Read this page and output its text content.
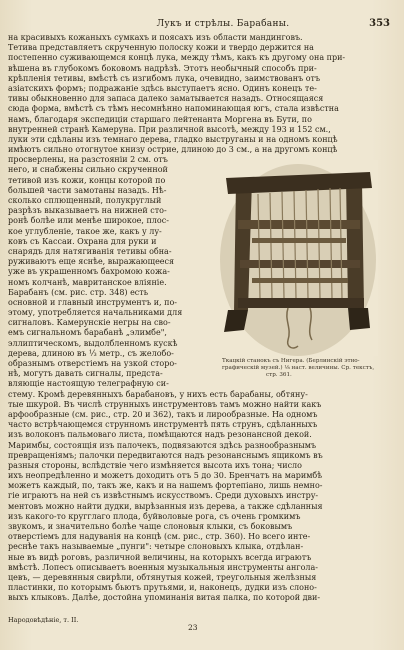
Лукъ и стрѣлы. Барабаны.	353
на красивыхъ кожаныхъ сумкахъ и поясахъ изъ области мандинговъ.
Тетива представляетъ скрученную полоску кожи и твердо держится на
постепенно суживающемся концѣ лука, между тѣмъ, какъ къ другому она при-
вѣшена въ глубокомъ боковомъ надрѣзѣ. Этотъ необычный способъ при-
крѣпленія тетивы, вмѣстѣ съ изгибомъ лука, очевидно, заимствованъ отъ
азіатскихъ формъ; подражаніе здѣсь выступаетъ ясно. Одинъ конецъ те-
тивы обыкновенно для запаса далеко заматывается назадъ. Относящаяся
сюда форма, вмѣстѣ съ тѣмъ несомнѣнно напоминающая югъ, стала извѣстна
намъ, благодаря экспедиціи старшаго лейтенанта Моргена въ Бути, по
внутренней странѣ Камеруна. При различной высотѣ, между 193 и 152 см.,
луки эти сдѣланы изъ темнаго дерева, гладко выструганы и на одномъ концѣ
имѣютъ сильно отогнутое книзу острие, длиною до 3 см., а на другомъ концѣ
просверлены, на разстояніи 2 см. отъ
него, и снабжены сильно скрученной
тетивой изъ кожи, концы которой по
большей части замотаны назадъ. Нѣ-
сколько сплющенный, полукруглый
разрѣзъ выказываетъ на нижней сто-
ронѣ болѣе или менѣе широкое, плос-
кое углубленіе, такое же, какъ у лу-
ковъ съ Кассаи. Охрана для руки и
снарядъ для натягиванія тетивы обна-
руживаютъ еще яснѣе, выражающееся
уже въ украшенномъ бахромою кожа-
номъ колчанѣ, мавританское вліяніе.
Барабанъ (см. рис. стр. 348) есть
основной и главный инструментъ и, по-
этому, употребляется начальниками для
сигналовъ. Камерунскіе негры на сво-
емъ сигнальномъ барабанѣ „элимбе",
эллиптическомъ, выдолбленномъ кускѣ
дерева, длиною въ ⅓ метр., съ желобо-
образнымъ отверстіемъ на узкой сторо-
нѣ, могутъ давать сигналы, предста-
вляющіе настоящую телеграфную си-
стему. Кромѣ деревянныхъ барабановъ, у нихъ есть барабаны, обтяну-
тые шкурой. Въ числѣ струнныхъ инструментовъ тамъ можно найти какъ
арфообразные (см. рис., стр. 20 и 362), такъ и лирообразные. На одномъ
часто встрѣчающемся струнномъ инструментѣ пять струнъ, сдѣланныхъ
изъ волоконъ пальмоваго листа, помѣщаются надъ резонансной декой.
Маримбы, состоящія изъ палочекъ, подвязаются здѣсь разнообразнымъ
превращеніямъ; палочки передвигаются надъ резонанснымъ ящикомъ въ
разныя стороны, вслѣдствіе чего измѣняется высота ихъ тона; число
ихъ неопредѣленно и можетъ доходить отъ 5 до 30. Бренчатъ на маримбѣ
можетъ каждый, по, такъ же, какъ и на нашемъ фортепіано, лишь немно-
гіе играютъ на ней съ извѣстнымъ искусствомъ. Среди духовыхъ инстру-
ментовъ можно найти дудки, вырѣзанныя изъ дерева, а также сдѣланныя
изъ какого-то кругглаго плода, буйволовые рога, съ очень громкимъ
звукомъ, и значительно болѣе чаще слоновыя клыки, съ боковымъ
отверстіемъ для надуванія на концѣ (см. рис., стр. 360). Но всего инте-
реснѣе такъ называемые „пунги": четыре слоновыхъ клыка, отдѣлан-
ные въ видѣ роговъ, различной величины, на которыхъ всегда играютъ
вмѣстѣ. Лопесъ описываетъ военныя музыкальныя инструменты ангола-
цевъ, — деревянныя свирѣли, обтянутыя кожей, треугольныя желѣзныя
пластинки, по которымъ бьютъ прутьями, и, наконецъ, дудки изъ слоно-
выхъ клыковъ. Далѣе, достойна упоминанія витая палка, по которой дви-
Ткацкій станокъ съ Нигера. (Берлинскій этно-
графическій музей.) ⅛ наст. величины. Ср. текстъ,
стр. 361.
Народовѣдѣніе, т. II.
23
